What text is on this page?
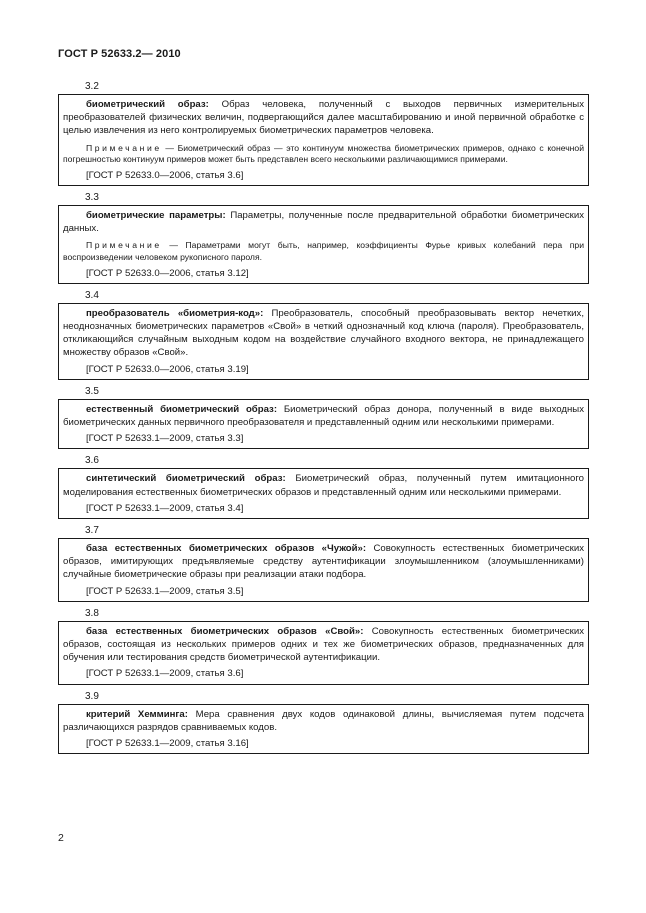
ГОСТ Р 52633.2— 2010
3.2

биометрический образ: Образ человека, полученный с выходов первичных измерительных преобразователей физических величин, подвергающийся далее масштабированию и иной первичной обработке с целью извлечения из него контролируемых биометрических параметров человека.

Примечание — Биометрический образ — это континуум множества биометрических примеров, однако с конечной погрешностью континуум примеров может быть представлен всего несколькими различающимися примерами.

[ГОСТ Р 52633.0—2006, статья 3.6]

3.3

биометрические параметры: Параметры, полученные после предварительной обработки биометрических данных.

Примечание — Параметрами могут быть, например, коэффициенты Фурье кривых колебаний пера при воспроизведении человеком рукописного пароля.

[ГОСТ Р 52633.0—2006, статья 3.12]

3.4

преобразователь «биометрия-код»: Преобразователь, способный преобразовывать вектор нечетких, неоднозначных биометрических параметров «Свой» в четкий однозначный код ключа (пароля). Преобразователь, откликающийся случайным выходным кодом на воздействие случайного входного вектора, не принадлежащего множеству образов «Свой».

[ГОСТ Р 52633.0—2006, статья 3.19]

3.5

естественный биометрический образ: Биометрический образ донора, полученный в виде выходных биометрических данных первичного преобразователя и представленный одним или несколькими примерами.

[ГОСТ Р 52633.1—2009, статья 3.3]

3.6

синтетический биометрический образ: Биометрический образ, полученный путем имитационного моделирования естественных биометрических образов и представленный одним или несколькими примерами.

[ГОСТ Р 52633.1—2009, статья 3.4]

3.7

база естественных биометрических образов «Чужой»: Совокупность естественных биометрических образов, имитирующих предъявляемые средству аутентификации злоумышленником (злоумышленниками) случайные биометрические образы при реализации атаки подбора.

[ГОСТ Р 52633.1—2009, статья 3.5]

3.8

база естественных биометрических образов «Свой»: Совокупность естественных биометрических образов, состоящая из нескольких примеров одних и тех же биометрических образов, предназначенных для обучения или тестирования средств биометрической аутентификации.

[ГОСТ Р 52633.1—2009, статья 3.6]

3.9

критерий Хемминга: Мера сравнения двух кодов одинаковой длины, вычисляемая путем подсчета различающихся разрядов сравниваемых кодов.

[ГОСТ Р 52633.1—2009, статья 3.16]

2
